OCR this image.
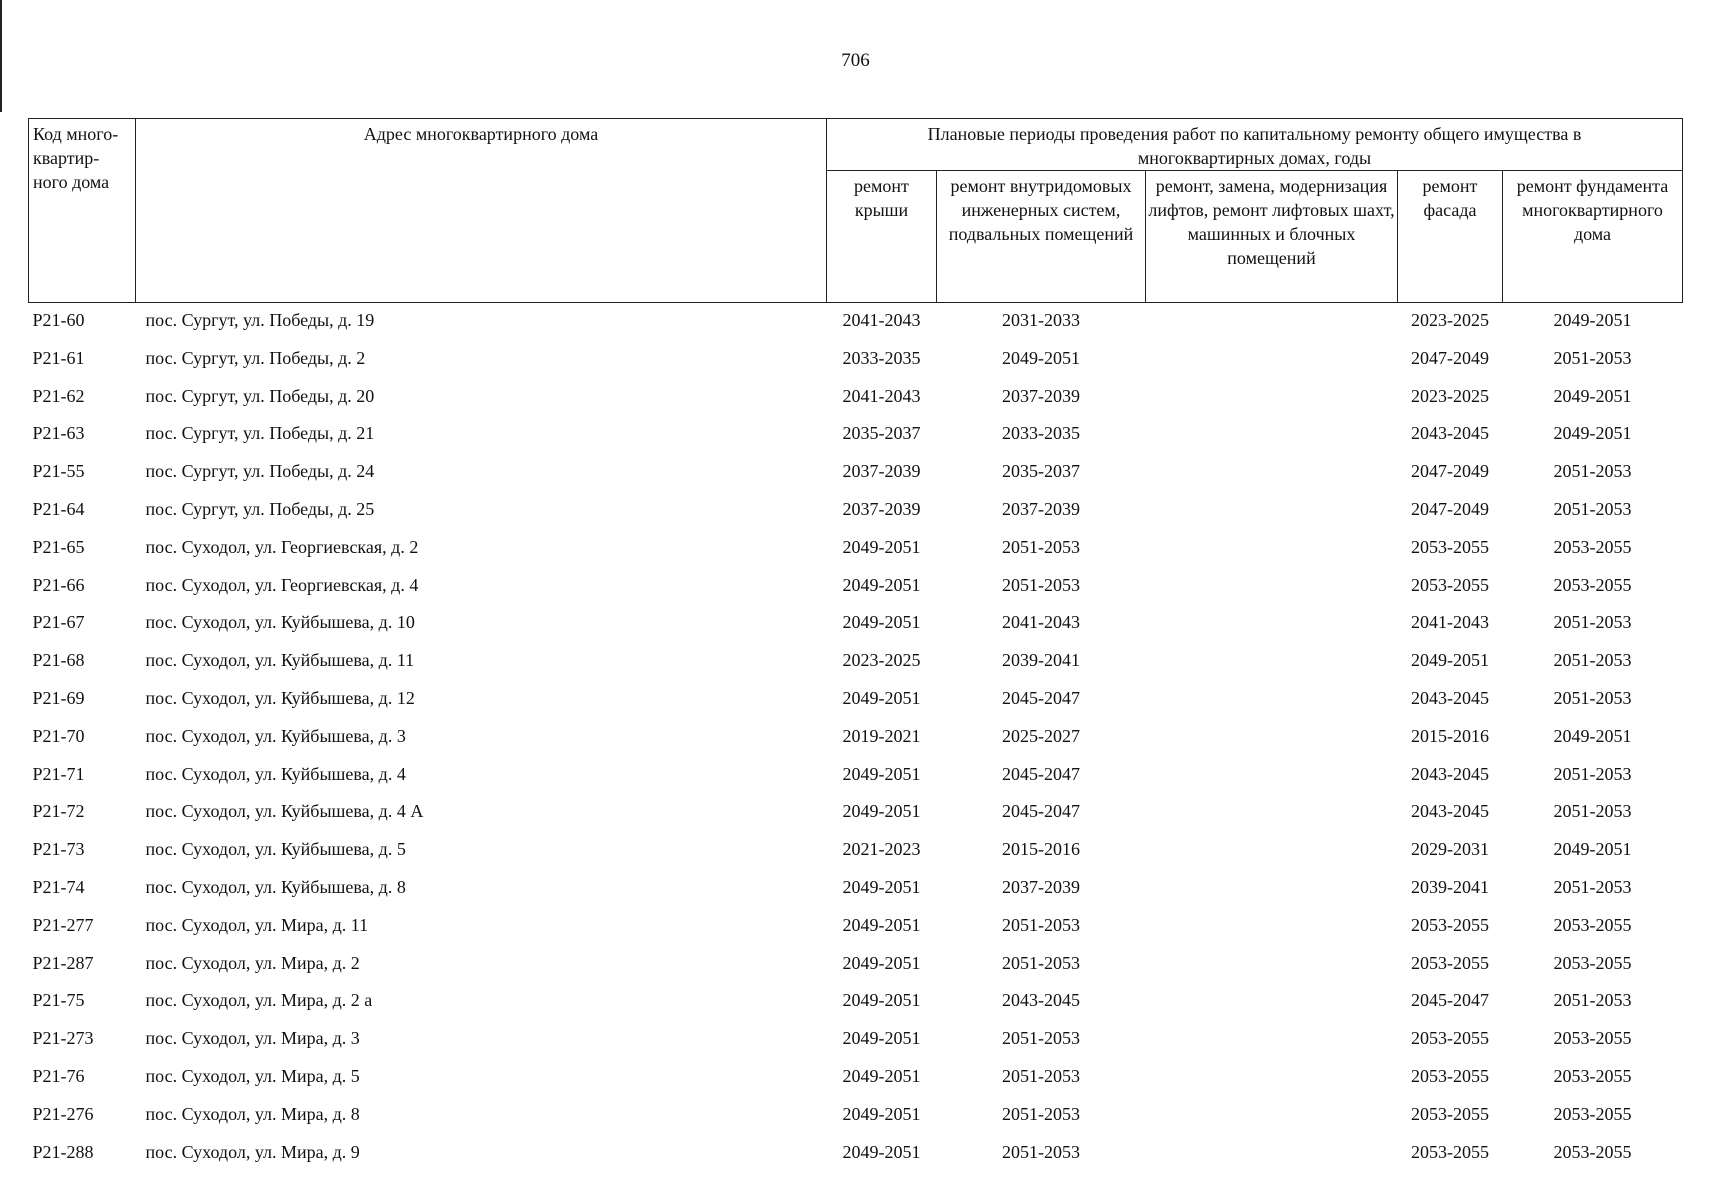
706
Код много-квартир-ного дома	Адрес многоквартирного дома	Плановые периоды проведения работ по капитальному ремонту общего имущества в многоквартирных домах, годы				
		ремонт крыши	ремонт внутридомовых инженерных систем, подвальных помещений	ремонт, замена, модернизация лифтов, ремонт лифтовых шахт, машинных и блочных помещений	ремонт фасада	ремонт фундамента многоквартирного дома
Р21-60	пос. Сургут, ул. Победы, д. 19	2041-2043	2031-2033		2023-2025	2049-2051
Р21-61	пос. Сургут, ул. Победы, д. 2	2033-2035	2049-2051		2047-2049	2051-2053
Р21-62	пос. Сургут, ул. Победы, д. 20	2041-2043	2037-2039		2023-2025	2049-2051
Р21-63	пос. Сургут, ул. Победы, д. 21	2035-2037	2033-2035		2043-2045	2049-2051
Р21-55	пос. Сургут, ул. Победы, д. 24	2037-2039	2035-2037		2047-2049	2051-2053
Р21-64	пос. Сургут, ул. Победы, д. 25	2037-2039	2037-2039		2047-2049	2051-2053
Р21-65	пос. Суходол, ул. Георгиевская, д. 2	2049-2051	2051-2053		2053-2055	2053-2055
Р21-66	пос. Суходол, ул. Георгиевская, д. 4	2049-2051	2051-2053		2053-2055	2053-2055
Р21-67	пос. Суходол, ул. Куйбышева, д. 10	2049-2051	2041-2043		2041-2043	2051-2053
Р21-68	пос. Суходол, ул. Куйбышева, д. 11	2023-2025	2039-2041		2049-2051	2051-2053
Р21-69	пос. Суходол, ул. Куйбышева, д. 12	2049-2051	2045-2047		2043-2045	2051-2053
Р21-70	пос. Суходол, ул. Куйбышева, д. 3	2019-2021	2025-2027		2015-2016	2049-2051
Р21-71	пос. Суходол, ул. Куйбышева, д. 4	2049-2051	2045-2047		2043-2045	2051-2053
Р21-72	пос. Суходол, ул. Куйбышева, д. 4 А	2049-2051	2045-2047		2043-2045	2051-2053
Р21-73	пос. Суходол, ул. Куйбышева, д. 5	2021-2023	2015-2016		2029-2031	2049-2051
Р21-74	пос. Суходол, ул. Куйбышева, д. 8	2049-2051	2037-2039		2039-2041	2051-2053
Р21-277	пос. Суходол, ул. Мира, д. 11	2049-2051	2051-2053		2053-2055	2053-2055
Р21-287	пос. Суходол, ул. Мира, д. 2	2049-2051	2051-2053		2053-2055	2053-2055
Р21-75	пос. Суходол, ул. Мира, д. 2 а	2049-2051	2043-2045		2045-2047	2051-2053
Р21-273	пос. Суходол, ул. Мира, д. 3	2049-2051	2051-2053		2053-2055	2053-2055
Р21-76	пос. Суходол, ул. Мира, д. 5	2049-2051	2051-2053		2053-2055	2053-2055
Р21-276	пос. Суходол, ул. Мира, д. 8	2049-2051	2051-2053		2053-2055	2053-2055
Р21-288	пос. Суходол, ул. Мира, д. 9	2049-2051	2051-2053		2053-2055	2053-2055
